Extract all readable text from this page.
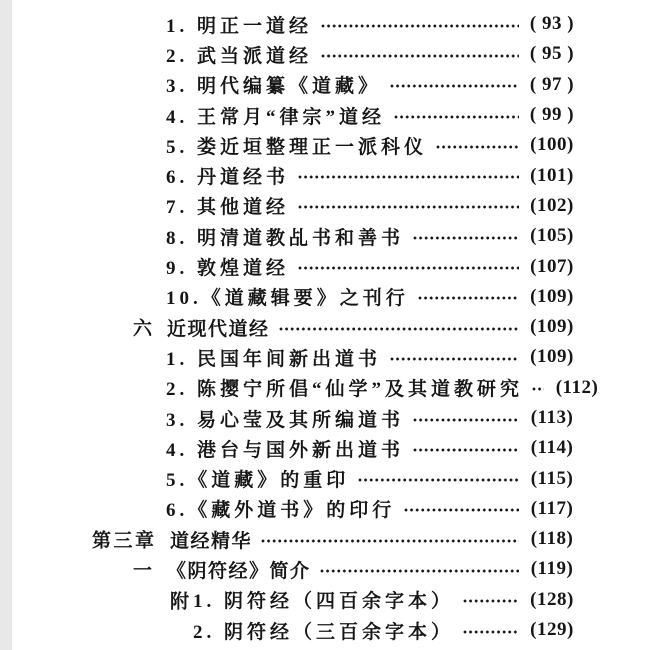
1. 明正一道经	( 93 )
2. 武当派道经	( 95 )
3. 明代编纂《道藏》	( 97 )
4. 王常月“律宗”道经	( 99 )
5. 娄近垣整理正一派科仪	(100)
6. 丹道经书	(101)
7. 其他道经	(102)
8. 明清道教乩书和善书	(105)
9. 敦煌道经	(107)
10.《道藏辑要》之刊行	(109)
六 近现代道经	(109)
1. 民国年间新出道书	(109)
2. 陈撄宁所倡“仙学”及其道教研究 (112)
3. 易心莹及其所编道书	(113)
4. 港台与国外新出道书	(114)
5.《道藏》的重印	(115)
6.《藏外道书》的印行	(117)
第三章 道经精华	(118)
一 《阴符经》简介	(119)
附 1. 阴符经（四百余字本）	(128)
2. 阴符经（三百余字本）	(129)
